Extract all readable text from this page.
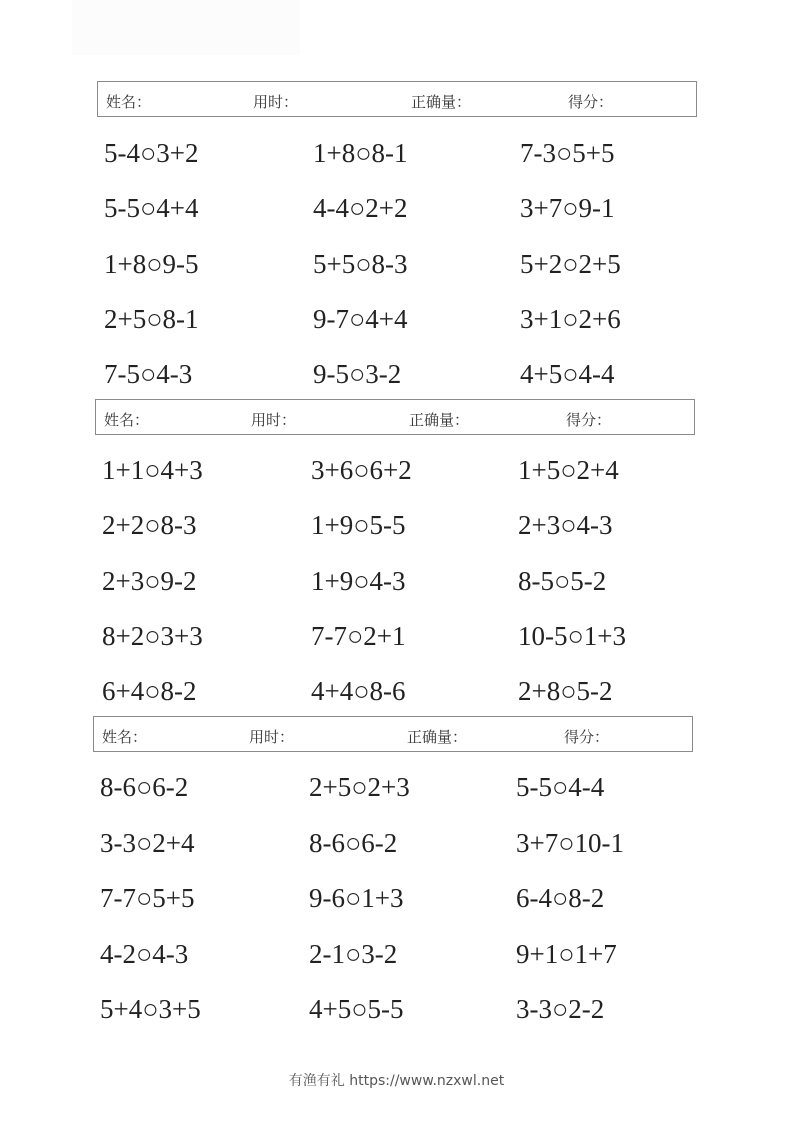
姓名：	用时：	正确量：	得分：
5-4○3+2	1+8○8-1	7-3○5+5
5-5○4+4	4-4○2+2	3+7○9-1
1+8○9-5	5+5○8-3	5+2○2+5
2+5○8-1	9-7○4+4	3+1○2+6
7-5○4-3	9-5○3-2	4+5○4-4
姓名：	用时：	正确量：	得分：
1+1○4+3	3+6○6+2	1+5○2+4
2+2○8-3	1+9○5-5	2+3○4-3
2+3○9-2	1+9○4-3	8-5○5-2
8+2○3+3	7-7○2+1	10-5○1+3
6+4○8-2	4+4○8-6	2+8○5-2
姓名：	用时：	正确量：	得分：
8-6○6-2	2+5○2+3	5-5○4-4
3-3○2+4	8-6○6-2	3+7○10-1
7-7○5+5	9-6○1+3	6-4○8-2
4-2○4-3	2-1○3-2	9+1○1+7
5+4○3+5	4+5○5-5	3-3○2-2
有渔有礼 https://www.nzxwl.net
